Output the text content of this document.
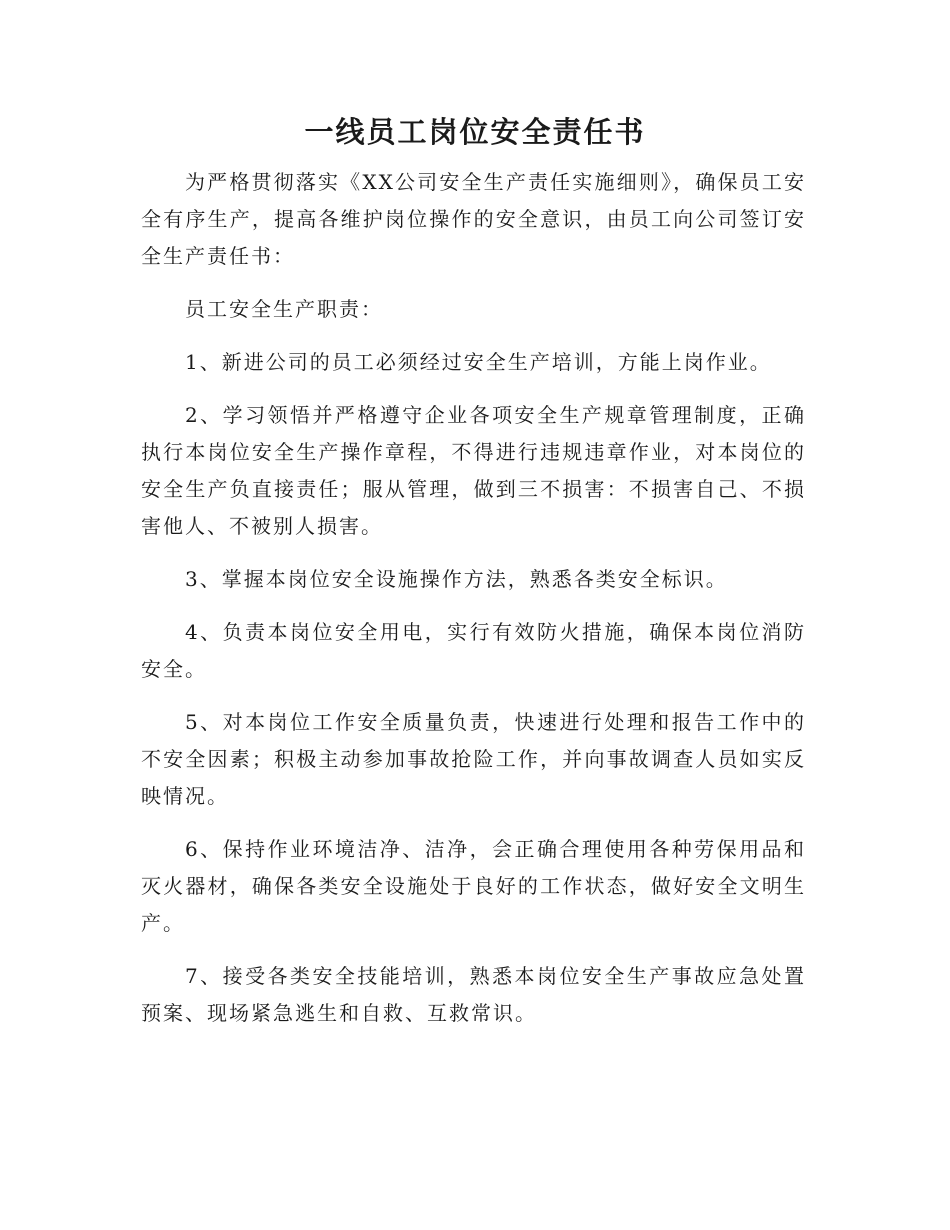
一线员工岗位安全责任书

为严格贯彻落实《XX公司安全生产责任实施细则》，确保员工安全有序生产，提高各维护岗位操作的安全意识，由员工向公司签订安全生产责任书：

员工安全生产职责：

1、新进公司的员工必须经过安全生产培训，方能上岗作业。

2、学习领悟并严格遵守企业各项安全生产规章管理制度，正确执行本岗位安全生产操作章程，不得进行违规违章作业，对本岗位的安全生产负直接责任；服从管理，做到三不损害：不损害自己、不损害他人、不被别人损害。

3、掌握本岗位安全设施操作方法，熟悉各类安全标识。

4、负责本岗位安全用电，实行有效防火措施，确保本岗位消防安全。

5、对本岗位工作安全质量负责，快速进行处理和报告工作中的不安全因素；积极主动参加事故抢险工作，并向事故调查人员如实反映情况。

6、保持作业环境洁净、洁净，会正确合理使用各种劳保用品和灭火器材，确保各类安全设施处于良好的工作状态，做好安全文明生产。

7、接受各类安全技能培训，熟悉本岗位安全生产事故应急处置预案、现场紧急逃生和自救、互救常识。
